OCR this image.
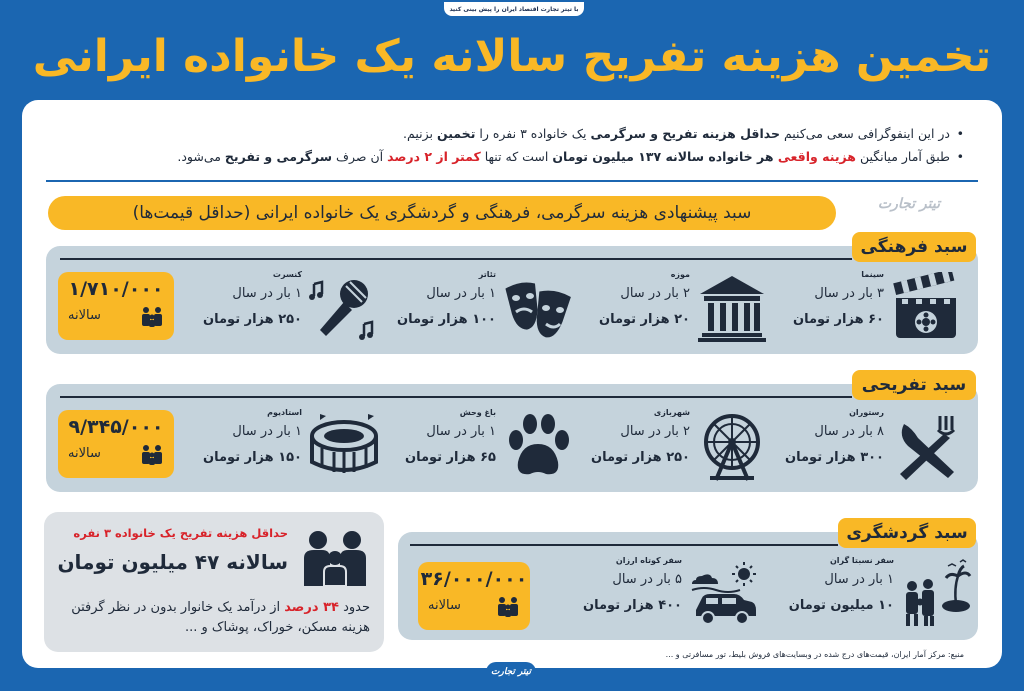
با تیتر تجارت اقتصاد ایران را پیش بینی کنید
تخمین هزینه تفریح سالانه یک خانواده ایرانی
• در این اینفوگرافی سعی می‌کنیم حداقل هزینه تفریح و سرگرمی یک خانواده ۳ نفره را تخمین بزنیم.
• طبق آمار میانگین هزینه واقعی هر خانواده سالانه ۱۳۷ میلیون تومان است که تنها کمتر از ۲ درصد آن صرف سرگرمی و تفریح می‌شود.
سبد پیشنهادی هزینه سرگرمی، فرهنگی و گردشگری یک خانواده ایرانی (حداقل قیمت‌ها)	تیتر تجارت
سبد فرهنگی
سینما
۳ بار در سال
۶۰ هزار تومان
موزه
۲ بار در سال
۲۰ هزار تومان
تئاتر
۱ بار در سال
۱۰۰ هزار تومان
کنسرت
۱ بار در سال
۲۵۰ هزار تومان
۱/۷۱۰/۰۰۰
سالانه
سبد تفریحی
رستوران
۸ بار در سال
۳۰۰ هزار تومان
شهربازی
۲ بار در سال
۲۵۰ هزار تومان
باغ وحش
۱ بار در سال
۶۵ هزار تومان
استادیوم
۱ بار در سال
۱۵۰ هزار تومان
۹/۳۴۵/۰۰۰
سالانه
سبد گردشگری
سفر نسبتا گران
۱ بار در سال
۱۰ میلیون تومان
سفر کوتاه ارزان
۵ بار در سال
۴۰۰ هزار تومان
۳۶/۰۰۰/۰۰۰
سالانه
حداقل هزینه تفریح یک خانواده ۳ نفره
سالانه ۴۷ میلیون تومان
حدود ۳۴ درصد از درآمد یک خانوار بدون در نظر گرفتن هزینه مسکن، خوراک، پوشاک و ...
منبع: مرکز آمار ایران، قیمت‌های درج شده در وبسایت‌های فروش بلیط، تور مسافرتی و ...
تیتر تجارت
